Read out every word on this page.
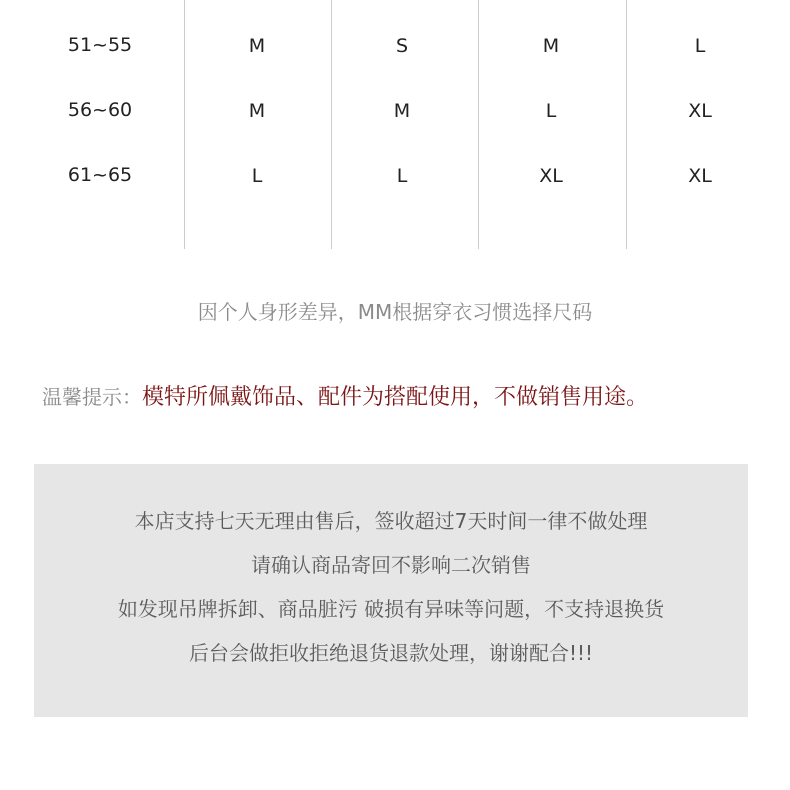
51~55	M	S	M	L
56~60	M	M	L	XL
61~65	L	L	XL	XL
因个人身形差异，MM根据穿衣习惯选择尺码
温馨提示：模特所佩戴饰品、配件为搭配使用，不做销售用途。
本店支持七天无理由售后，签收超过7天时间一律不做处理
请确认商品寄回不影响二次销售
如发现吊牌拆卸、商品脏污 破损有异味等问题，不支持退换货
后台会做拒收拒绝退货退款处理，谢谢配合!!!
